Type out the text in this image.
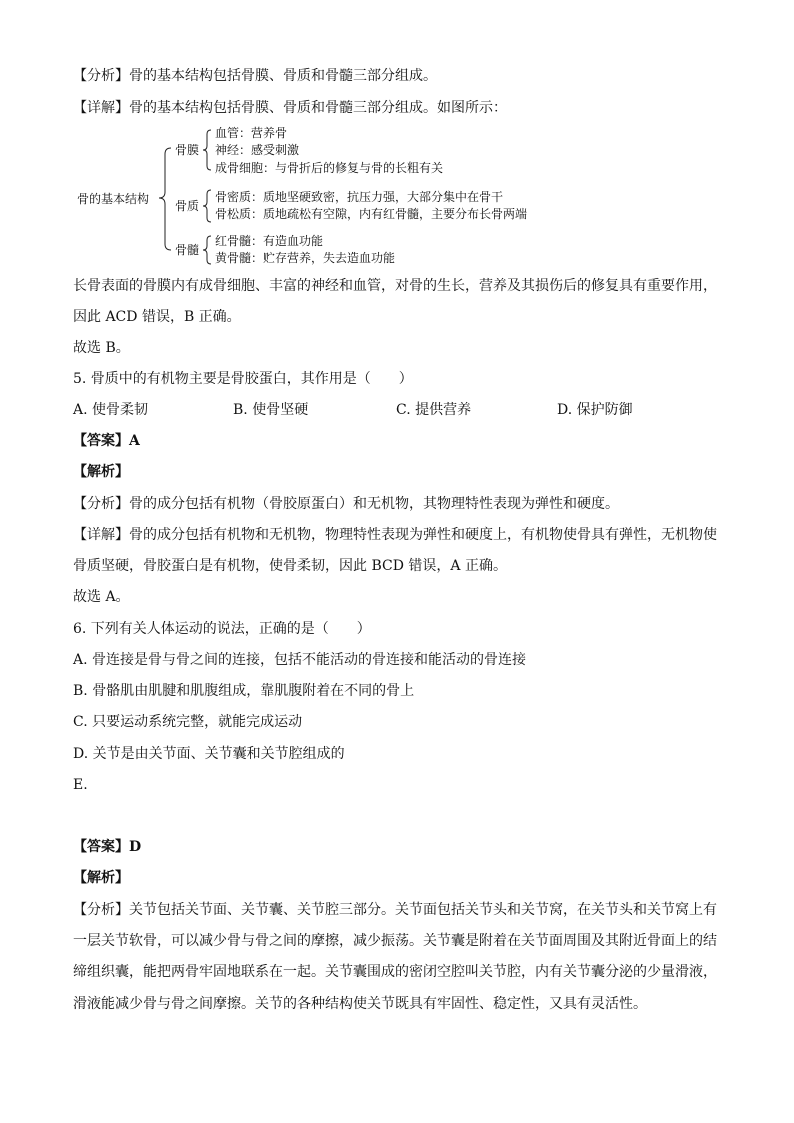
【分析】骨的基本结构包括骨膜、骨质和骨髓三部分组成。
【详解】骨的基本结构包括骨膜、骨质和骨髓三部分组成。如图所示：
骨的基本结构
骨膜
骨质
骨髓
血管：营养骨
神经：感受刺激
成骨细胞：与骨折后的修复与骨的长粗有关
骨密质：质地坚硬致密，抗压力强，大部分集中在骨干
骨松质：质地疏松有空隙，内有红骨髓，主要分布长骨两端
红骨髓：有造血功能
黄骨髓：贮存营养，失去造血功能
长骨表面的骨膜内有成骨细胞、丰富的神经和血管，对骨的生长，营养及其损伤后的修复具有重要作用，
因此 ACD 错误，B 正确。
故选 B。
5. 骨质中的有机物主要是骨胶蛋白，其作用是（　　）
A. 使骨柔韧	B. 使骨坚硬	C. 提供营养	D. 保护防御
【答案】A
【解析】
【分析】骨的成分包括有机物（骨胶原蛋白）和无机物，其物理特性表现为弹性和硬度。
【详解】骨的成分包括有机物和无机物，物理特性表现为弹性和硬度上，有机物使骨具有弹性，无机物使
骨质坚硬，骨胶蛋白是有机物，使骨柔韧，因此 BCD 错误，A 正确。
故选 A。
6. 下列有关人体运动的说法，正确的是（　　）
A. 骨连接是骨与骨之间的连接，包括不能活动的骨连接和能活动的骨连接
B. 骨骼肌由肌腱和肌腹组成，靠肌腹附着在不同的骨上
C. 只要运动系统完整，就能完成运动
D. 关节是由关节面、关节囊和关节腔组成的
E.
【答案】D
【解析】
【分析】关节包括关节面、关节囊、关节腔三部分。关节面包括关节头和关节窝，在关节头和关节窝上有
一层关节软骨，可以减少骨与骨之间的摩擦，减少振荡。关节囊是附着在关节面周围及其附近骨面上的结
缔组织囊，能把两骨牢固地联系在一起。关节囊围成的密闭空腔叫关节腔，内有关节囊分泌的少量滑液，
滑液能减少骨与骨之间摩擦。关节的各种结构使关节既具有牢固性、稳定性，又具有灵活性。
